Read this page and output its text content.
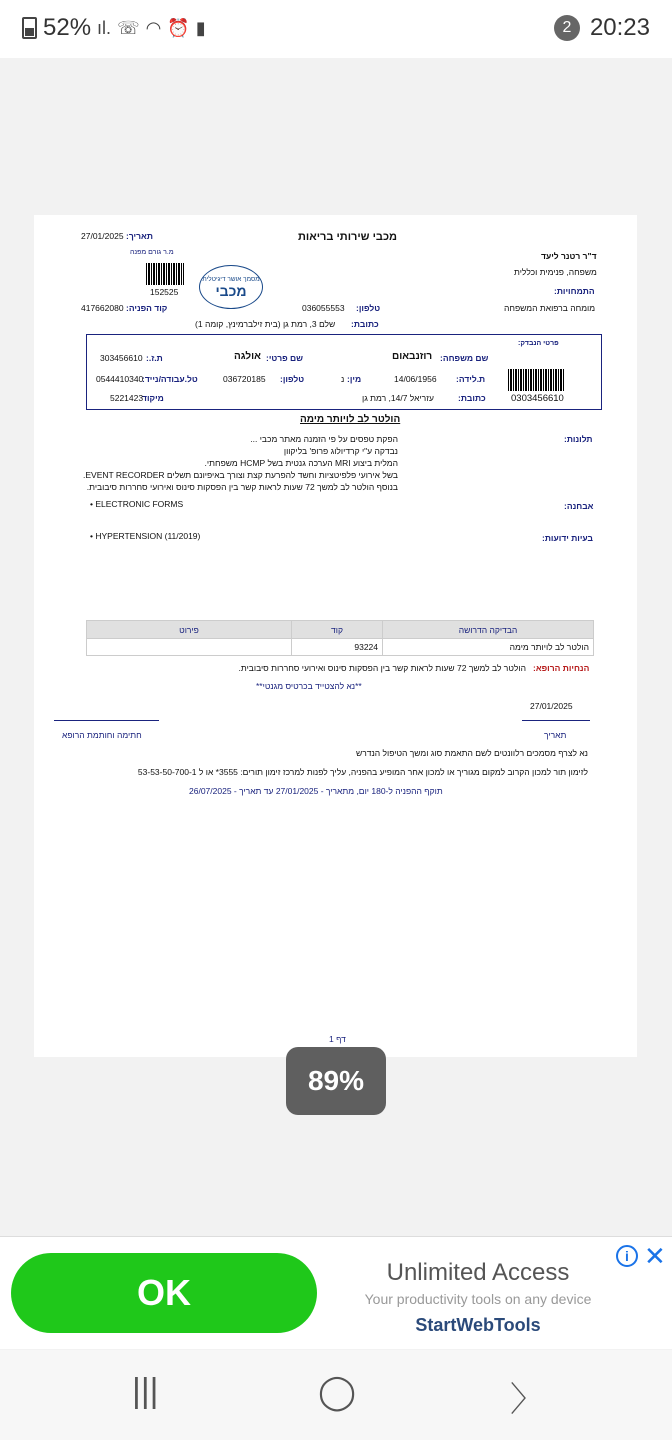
52% ıl. ☏ ◠ ⏰ ▮	2 20:23
תאריך:
27/01/2025	מכבי שירותי בריאות
מ.ר גורם מפנה	ד"ר רטנר ליעד
משפחה, פנימית וכללית
התמחויות:
מומחה ברפואת המשפחה
152525
מסמך אושר דיגיטלית
מכבי
קוד הפניה:
417662080	טלפון:
036055553
כתובת:
שלם 3, רמת גן (בית זילברמינץ, קומה 1)
פרטי הנבדק:
שם משפחה:
רוזנבאום
שם פרטי:
אולגה
ת.ז.:
303456610
ת.לידה:
14/06/1956
מין:
נ
טלפון:
036720185
טל.עבודה/נייד:
0544410340
כתובת:
עזריאל 14/7, רמת גן
מיקוד
5221423	0303456610
הולטר לב לויותר מימה
תלונות:
הפקת טפסים על פי הזמנה מאתר מכבי ...
נבדקה ע"י קרדיולוג פרופ' בליקוון
המלית ביצוע MRI הערכה גנטית בשל HCMP משפחתי.
בשל אירועי פלפיטציות וחשד להפרעת קצת וצורך באיפיונם תשלים EVENT RECORDER.
בנוסף הולטר לב למשך 72 שעות לראות קשר בין הפסקות סינוס ואירועי סחררות סיבובית.
אבחנה:
• ELECTRONIC FORMS
בעיות ידועות:
• HYPERTENSION (11/2019)
הבדיקה הדרושה	קוד	פירוט
הולטר לב לויותר מימה	93224	
הנחיות הרופא:
הולטר לב למשך 72 שעות לראות קשר בין הפסקות סינוס ואירועי סחררות סיבובית.
**נא להצטייד בכרטיס מגנטי**
27/01/2025
תאריך
חתימה וחותמת הרופא
נא לצרף מסמכים רלוונטים לשם התאמת סוג ומשך הטיפול הנדרש
לזימון תור למכון הקרוב למקום מגוריך או למכון אחר המופיע בהפניה, עליך לפנות למרכז זימון תורים: 3555* או ל 53-53-50-700-1
תוקף ההפניה ל-180 יום, מתאריך - 27/01/2025 עד תאריך - 26/07/2025
דף 1
89%
OK	Unlimited Access
Your productivity tools on any device
StartWebTools
i ✕
|||	◯	〉
